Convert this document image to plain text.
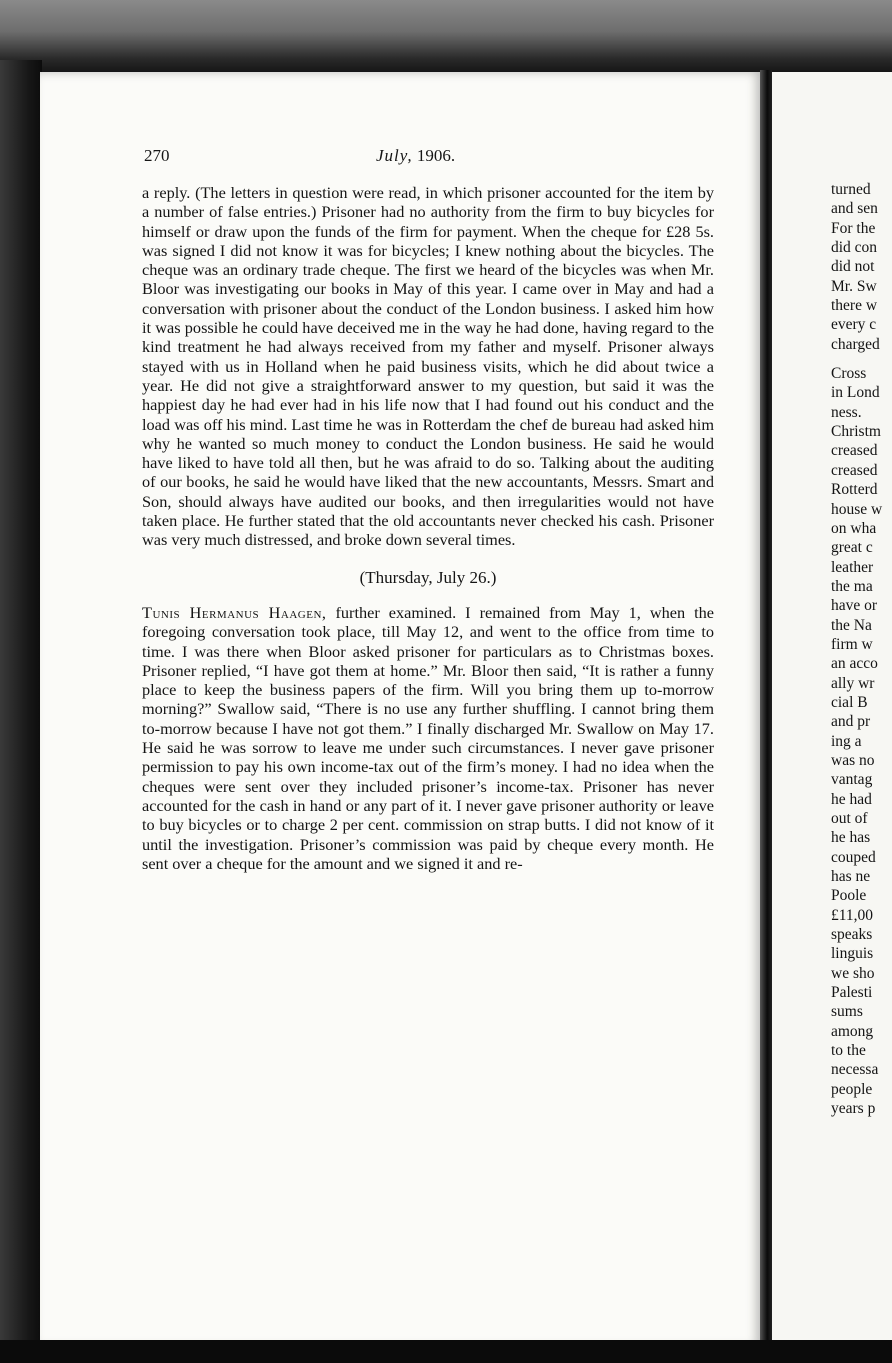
270	July, 1906.

a reply. (The letters in question were read, in which prisoner accounted for the item by a number of false entries.) Prisoner had no authority from the firm to buy bicycles for himself or draw upon the funds of the firm for payment. When the cheque for £28 5s. was signed I did not know it was for bicycles; I knew nothing about the bicycles. The cheque was an ordinary trade cheque. The first we heard of the bicycles was when Mr. Bloor was investigating our books in May of this year. I came over in May and had a conversation with prisoner about the conduct of the London business. I asked him how it was possible he could have deceived me in the way he had done, having regard to the kind treatment he had always received from my father and myself. Prisoner always stayed with us in Holland when he paid business visits, which he did about twice a year. He did not give a straightforward answer to my question, but said it was the happiest day he had ever had in his life now that I had found out his conduct and the load was off his mind. Last time he was in Rotterdam the chef de bureau had asked him why he wanted so much money to conduct the London business. He said he would have liked to have told all then, but he was afraid to do so. Talking about the auditing of our books, he said he would have liked that the new accountants, Messrs. Smart and Son, should always have audited our books, and then irregularities would not have taken place. He further stated that the old accountants never checked his cash. Prisoner was very much distressed, and broke down several times.

(Thursday, July 26.)

Tunis Hermanus Haagen, further examined. I remained from May 1, when the foregoing conversation took place, till May 12, and went to the office from time to time. I was there when Bloor asked prisoner for particulars as to Christmas boxes. Prisoner replied, “I have got them at home.” Mr. Bloor then said, “It is rather a funny place to keep the business papers of the firm. Will you bring them up to-morrow morning?” Swallow said, “There is no use any further shuffling. I cannot bring them to-morrow because I have not got them.” I finally discharged Mr. Swallow on May 17. He said he was sorrow to leave me under such circumstances. I never gave prisoner permission to pay his own income-tax out of the firm’s money. I had no idea when the cheques were sent over they included prisoner’s income-tax. Prisoner has never accounted for the cash in hand or any part of it. I never gave prisoner authority or leave to buy bicycles or to charge 2 per cent. commission on strap butts. I did not know of it until the investigation. Prisoner’s commission was paid by cheque every month. He sent over a cheque for the amount and we signed it and re-

turned
and sen
For the
did con
did not
Mr. Sw
there w
every c
charged
Cross
in Lond
ness.
Christm
creased
creased
Rotterd
house w
on wha
great c
leather
the ma
have or
the Na
firm w
an acco
ally wr
cial B
and pr
ing a
was no
vantag
he had
out of
he has
couped
has ne
Poole
£11,00
speaks
linguis
we sho
Palesti
sums
among
to the
necessa
people
years p
